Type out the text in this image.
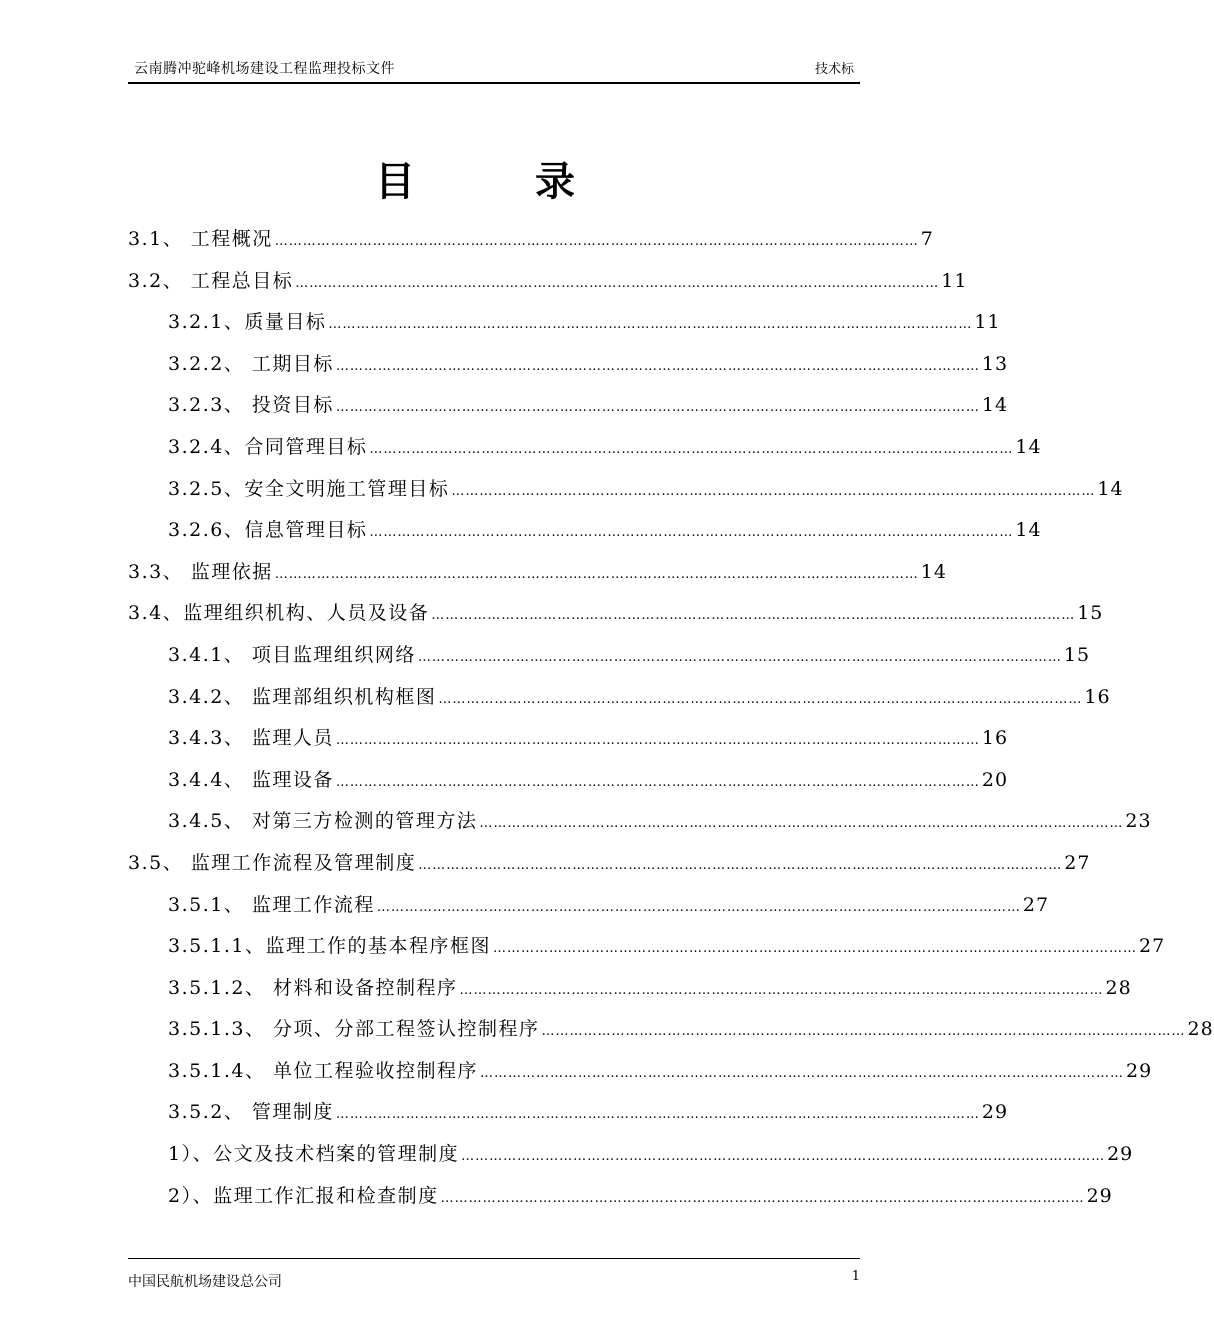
云南腾冲驼峰机场建设工程监理投标文件	技术标
目	录
3.1、 工程概况 ………………………………………………………………………………………………………………………… 7
3.2、 工程总目标 ………………………………………………………………………………………………………………………… 11
3.2.1、质量目标 ………………………………………………………………………………………………………………………… 11
3.2.2、 工期目标 ………………………………………………………………………………………………………………………… 13
3.2.3、 投资目标 ………………………………………………………………………………………………………………………… 14
3.2.4、合同管理目标 ………………………………………………………………………………………………………………………… 14
3.2.5、安全文明施工管理目标 ………………………………………………………………………………………………………………………… 14
3.2.6、信息管理目标 ………………………………………………………………………………………………………………………… 14
3.3、 监理依据 ………………………………………………………………………………………………………………………… 14
3.4、监理组织机构、人员及设备 ………………………………………………………………………………………………………………………… 15
3.4.1、 项目监理组织网络 ………………………………………………………………………………………………………………………… 15
3.4.2、 监理部组织机构框图 ………………………………………………………………………………………………………………………… 16
3.4.3、 监理人员 ………………………………………………………………………………………………………………………… 16
3.4.4、 监理设备 ………………………………………………………………………………………………………………………… 20
3.4.5、 对第三方检测的管理方法 ………………………………………………………………………………………………………………………… 23
3.5、 监理工作流程及管理制度 ………………………………………………………………………………………………………………………… 27
3.5.1、 监理工作流程 ………………………………………………………………………………………………………………………… 27
3.5.1.1、监理工作的基本程序框图 ………………………………………………………………………………………………………………………… 27
3.5.1.2、 材料和设备控制程序 ………………………………………………………………………………………………………………………… 28
3.5.1.3、 分项、分部工程签认控制程序 ………………………………………………………………………………………………………………………… 28
3.5.1.4、 单位工程验收控制程序 ………………………………………………………………………………………………………………………… 29
3.5.2、 管理制度 ………………………………………………………………………………………………………………………… 29
1）、公文及技术档案的管理制度 ………………………………………………………………………………………………………………………… 29
2）、监理工作汇报和检查制度 ………………………………………………………………………………………………………………………… 29
中国民航机场建设总公司	1
